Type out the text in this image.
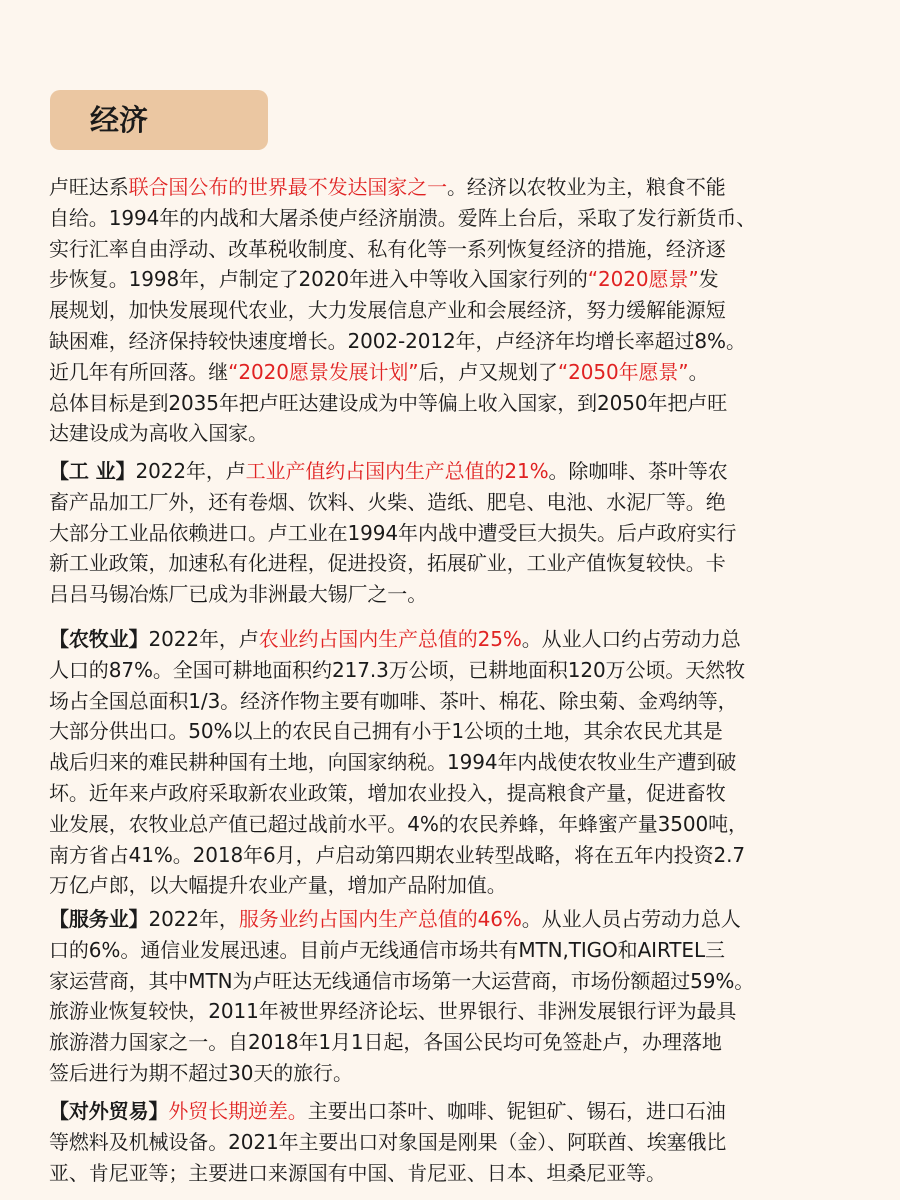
经济

卢旺达系联合国公布的世界最不发达国家之一。经济以农牧业为主，粮食不能
自给。1994年的内战和大屠杀使卢经济崩溃。爱阵上台后，采取了发行新货币、
实行汇率自由浮动、改革税收制度、私有化等一系列恢复经济的措施，经济逐
步恢复。1998年，卢制定了2020年进入中等收入国家行列的“2020愿景”发
展规划，加快发展现代农业，大力发展信息产业和会展经济，努力缓解能源短
缺困难，经济保持较快速度增长。2002-2012年，卢经济年均增长率超过8%。
近几年有所回落。继“2020愿景发展计划”后，卢又规划了“2050年愿景”。
总体目标是到2035年把卢旺达建设成为中等偏上收入国家，到2050年把卢旺
达建设成为高收入国家。

【工 业】2022年，卢工业产值约占国内生产总值的21%。除咖啡、茶叶等农
畜产品加工厂外，还有卷烟、饮料、火柴、造纸、肥皂、电池、水泥厂等。绝
大部分工业品依赖进口。卢工业在1994年内战中遭受巨大损失。后卢政府实行
新工业政策，加速私有化进程，促进投资，拓展矿业，工业产值恢复较快。卡
吕吕马锡冶炼厂已成为非洲最大锡厂之一。

【农牧业】2022年，卢农业约占国内生产总值的25%。从业人口约占劳动力总
人口的87%。全国可耕地面积约217.3万公顷，已耕地面积120万公顷。天然牧
场占全国总面积1/3。经济作物主要有咖啡、茶叶、棉花、除虫菊、金鸡纳等，
大部分供出口。50%以上的农民自己拥有小于1公顷的土地，其余农民尤其是
战后归来的难民耕种国有土地，向国家纳税。1994年内战使农牧业生产遭到破
坏。近年来卢政府采取新农业政策，增加农业投入，提高粮食产量，促进畜牧
业发展，农牧业总产值已超过战前水平。4%的农民养蜂，年蜂蜜产量3500吨，
南方省占41%。2018年6月，卢启动第四期农业转型战略，将在五年内投资2.7
万亿卢郎，以大幅提升农业产量，增加产品附加值。

【服务业】2022年，服务业约占国内生产总值的46%。从业人员占劳动力总人
口的6%。通信业发展迅速。目前卢无线通信市场共有MTN,TIGO和AIRTEL三
家运营商，其中MTN为卢旺达无线通信市场第一大运营商，市场份额超过59%。
旅游业恢复较快，2011年被世界经济论坛、世界银行、非洲发展银行评为最具
旅游潜力国家之一。自2018年1月1日起，各国公民均可免签赴卢，办理落地
签后进行为期不超过30天的旅行。

【对外贸易】外贸长期逆差。主要出口茶叶、咖啡、铌钽矿、锡石，进口石油
等燃料及机械设备。2021年主要出口对象国是刚果（金）、阿联酋、埃塞俄比
亚、肯尼亚等；主要进口来源国有中国、肯尼亚、日本、坦桑尼亚等。
